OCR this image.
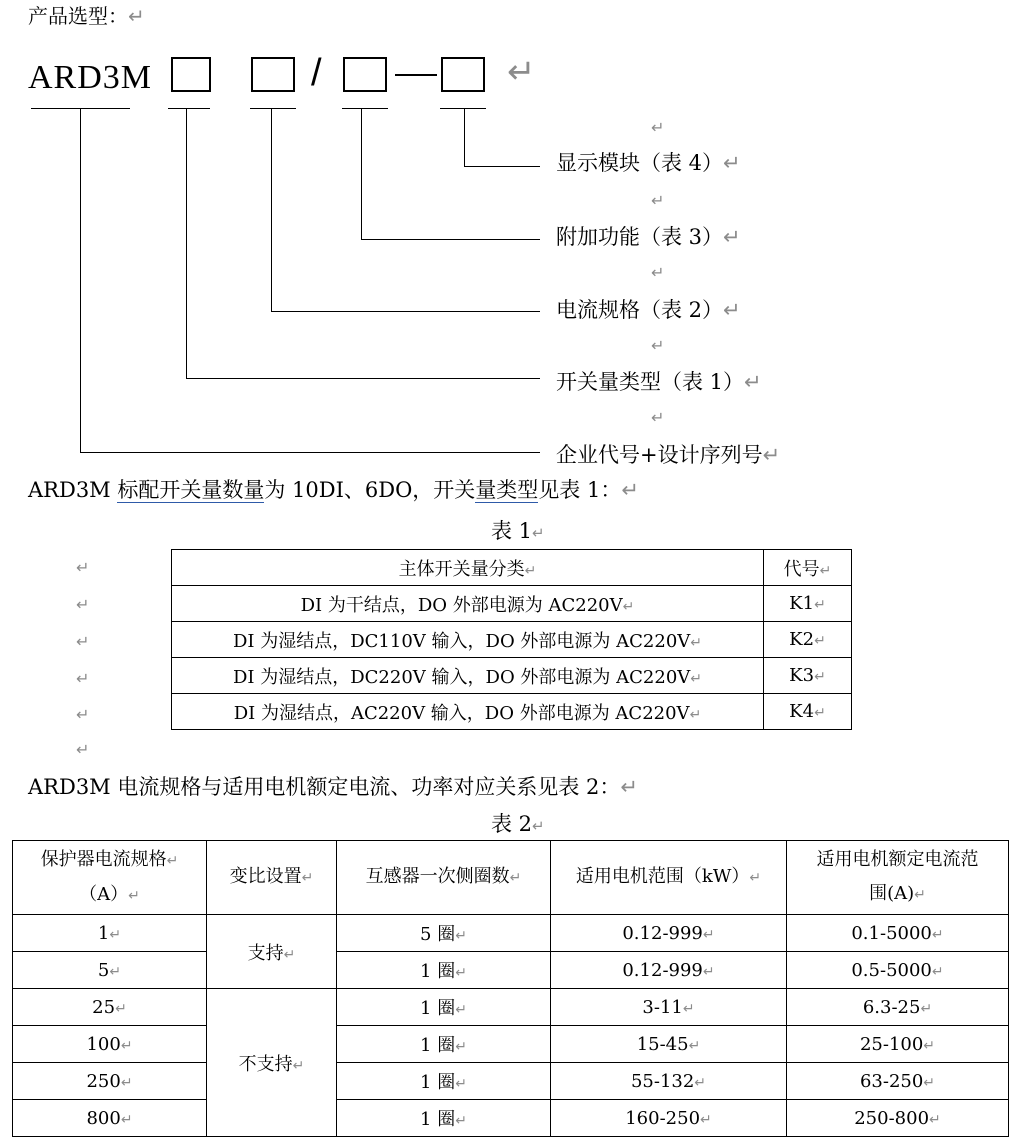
产品选型：↵
ARD3M	/	↵
↵
↵
↵
↵
↵
显示模块（表 4）↵
附加功能（表 3）↵
电流规格（表 2）↵
开关量类型（表 1）↵
企业代号+设计序列号↵
ARD3M 标配开关量数量为 10DI、6DO，开关量类型见表 1：↵
表 1↵
↵
↵
↵
↵
↵
↵
主体开关量分类↵	代号↵
DI 为干结点，DO 外部电源为 AC220V↵	K1↵
DI 为湿结点，DC110V 输入，DO 外部电源为 AC220V↵	K2↵
DI 为湿结点，DC220V 输入，DO 外部电源为 AC220V↵	K3↵
DI 为湿结点，AC220V 输入，DO 外部电源为 AC220V↵	K4↵
ARD3M 电流规格与适用电机额定电流、功率对应关系见表 2：↵
表 2↵
保护器电流规格↵
（A）↵	变比设置↵	互感器一次侧圈数↵	适用电机范围（kW）↵	适用电机额定电流范
围(A)↵
1↵	支持↵	5 圈↵	0.12-999↵	0.1-5000↵
5↵		1 圈↵	0.12-999↵	0.5-5000↵
25↵	不支持↵	1 圈↵	3-11↵	6.3-25↵
100↵		1 圈↵	15-45↵	25-100↵
250↵		1 圈↵	55-132↵	63-250↵
800↵		1 圈↵	160-250↵	250-800↵
